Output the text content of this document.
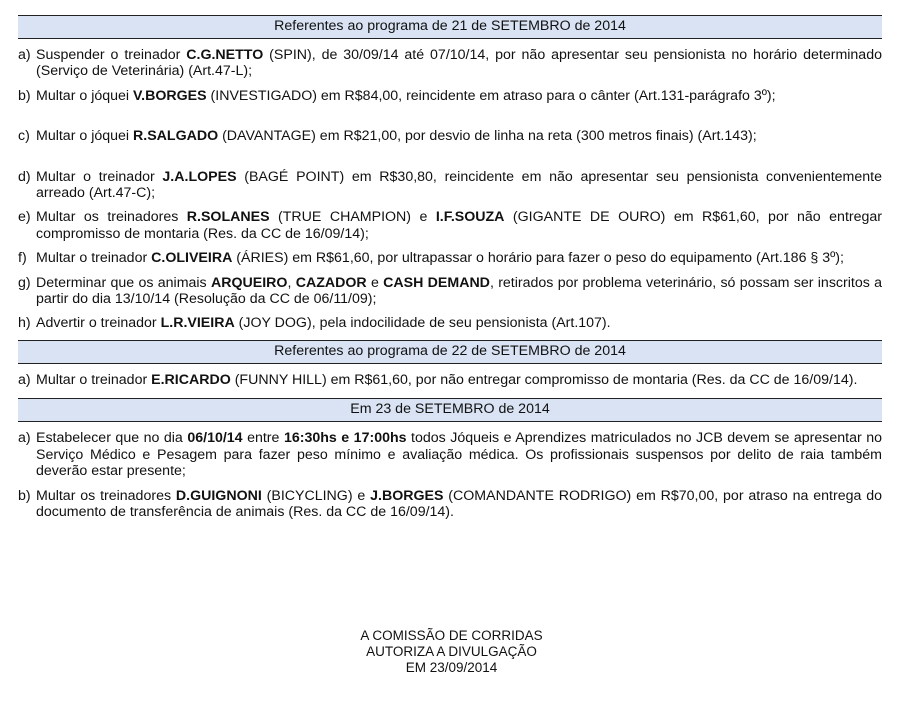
Referentes ao programa de 21 de SETEMBRO de 2014
a) Suspender o treinador C.G.NETTO (SPIN), de 30/09/14 até 07/10/14, por não apresentar seu pensionista no horário determinado (Serviço de Veterinária) (Art.47-L);
b) Multar o jóquei V.BORGES (INVESTIGADO) em R$84,00, reincidente em atraso para o cânter (Art.131-parágrafo 3º);
c) Multar o jóquei R.SALGADO (DAVANTAGE) em R$21,00, por desvio de linha na reta (300 metros finais) (Art.143);
d) Multar o treinador J.A.LOPES (BAGÉ POINT) em R$30,80, reincidente em não apresentar seu pensionista convenientemente arreado (Art.47-C);
e) Multar os treinadores R.SOLANES (TRUE CHAMPION) e I.F.SOUZA (GIGANTE DE OURO) em R$61,60, por não entregar compromisso de montaria (Res. da CC de 16/09/14);
f) Multar o treinador C.OLIVEIRA (ÁRIES) em R$61,60, por ultrapassar o horário para fazer o peso do equipamento (Art.186 § 3º);
g) Determinar que os animais ARQUEIRO, CAZADOR e CASH DEMAND, retirados por problema veterinário, só possam ser inscritos a partir do dia 13/10/14 (Resolução da CC de 06/11/09);
h) Advertir o treinador L.R.VIEIRA (JOY DOG), pela indocilidade de seu pensionista (Art.107).
Referentes ao programa de 22 de SETEMBRO de 2014
a) Multar o treinador E.RICARDO (FUNNY HILL) em R$61,60, por não entregar compromisso de montaria (Res. da CC de 16/09/14).
Em 23 de SETEMBRO de 2014
a) Estabelecer que no dia 06/10/14 entre 16:30hs e 17:00hs todos Jóqueis e Aprendizes matriculados no JCB devem se apresentar no Serviço Médico e Pesagem para fazer peso mínimo e avaliação médica. Os profissionais suspensos por delito de raia também deverão estar presente;
b) Multar os treinadores D.GUIGNONI (BICYCLING) e J.BORGES (COMANDANTE RODRIGO) em R$70,00, por atraso na entrega do documento de transferência de animais (Res. da CC de 16/09/14).
A COMISSÃO DE CORRIDAS
AUTORIZA A DIVULGAÇÃO
EM 23/09/2014
